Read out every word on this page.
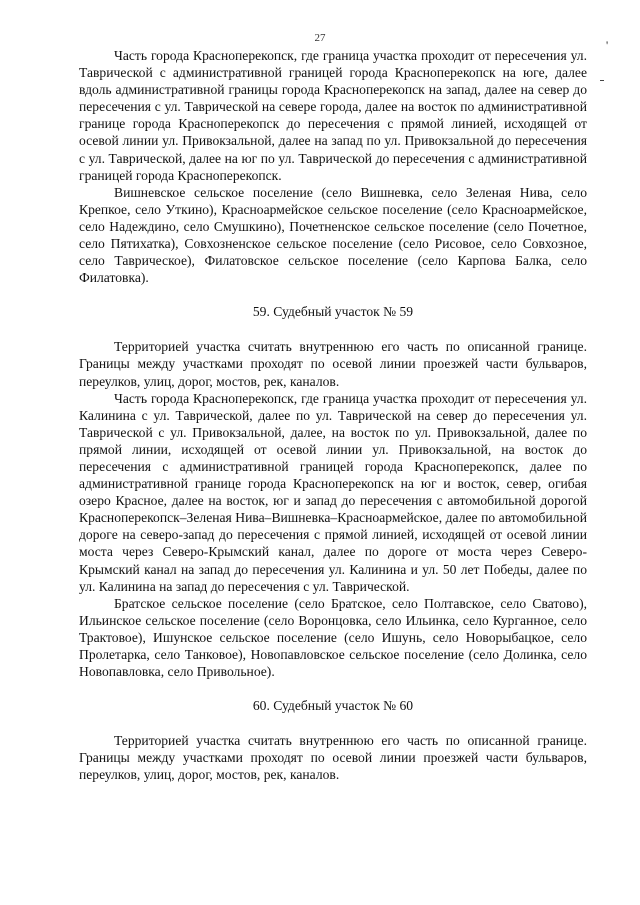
27	'

Часть города Красноперекопск, где граница участка проходит от пересечения ул. Таврической с административной границей города Красноперекопск на юге, далее вдоль административной границы города Красноперекопск на запад, далее на север до пересечения с ул. Таврической на севере города, далее на восток по административной границе города Красноперекопск до пересечения с прямой линией, исходящей от осевой линии ул. Привокзальной, далее на запад по ул. Привокзальной до пересечения с ул. Таврической, далее на юг по ул. Таврической до пересечения с административной границей города Красноперекопск.

Вишневское сельское поселение (село Вишневка, село Зеленая Нива, село Крепкое, село Уткино), Красноармейское сельское поселение (село Красноармейское, село Надеждино, село Смушкино), Почетненское сельское поселение (село Почетное, село Пятихатка), Совхозненское сельское поселение (село Рисовое, село Совхозное, село Таврическое), Филатовское сельское поселение (село Карпова Балка, село Филатовка).

59. Судебный участок № 59

Территорией участка считать внутреннюю его часть по описанной границе. Границы между участками проходят по осевой линии проезжей части бульваров, переулков, улиц, дорог, мостов, рек, каналов.

Часть города Красноперекопск, где граница участка проходит от пересечения ул. Калинина с ул. Таврической, далее по ул. Таврической на север до пересечения ул. Таврической с ул. Привокзальной, далее, на восток по ул. Привокзальной, далее по прямой линии, исходящей от осевой линии ул. Привокзальной, на восток до пересечения с административной границей города Красноперекопск, далее по административной границе города Красноперекопск на юг и восток, север, огибая озеро Красное, далее на восток, юг и запад до пересечения с автомобильной дорогой Красноперекопск–Зеленая Нива–Вишневка–Красноармейское, далее по автомобильной дороге на северо-запад до пересечения с прямой линией, исходящей от осевой линии моста через Северо-Крымский канал, далее по дороге от моста через Северо-Крымский канал на запад до пересечения ул. Калинина и ул. 50 лет Победы, далее по ул. Калинина на запад до пересечения с ул. Таврической.

Братское сельское поселение (село Братское, село Полтавское, село Сватово), Ильинское сельское поселение (село Воронцовка, село Ильинка, село Курганное, село Трактовое), Ишунское сельское поселение (село Ишунь, село Новорыбацкое, село Пролетарка, село Танковое), Новопавловское сельское поселение (село Долинка, село Новопавловка, село Привольное).

60. Судебный участок № 60

Территорией участка считать внутреннюю его часть по описанной границе. Границы между участками проходят по осевой линии проезжей части бульваров, переулков, улиц, дорог, мостов, рек, каналов.
